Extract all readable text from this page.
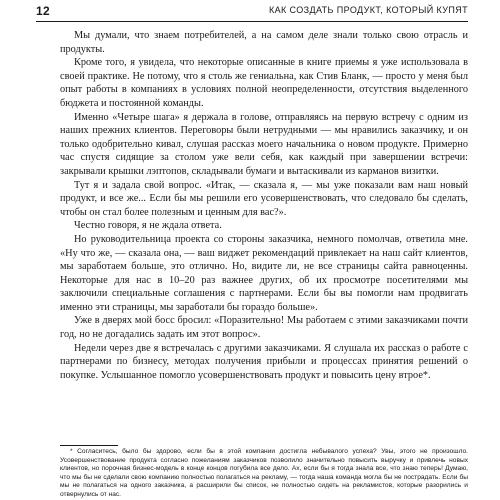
12	КАК СОЗДАТЬ ПРОДУКТ, КОТОРЫЙ КУПЯТ

Мы думали, что знаем потребителей, а на самом деле знали только свою отрасль и продукты.

Кроме того, я увидела, что некоторые описанные в книге приемы я уже использовала в своей практике. Не потому, что я столь же гениальна, как Стив Бланк, — просто у меня был опыт работы в компаниях в условиях полной неопределенности, отсутствия выделенного бюджета и постоянной команды.

Именно «Четыре шага» я держала в голове, отправляясь на первую встречу с одним из наших прежних клиентов. Переговоры были нетрудными — мы нравились заказчику, и он только одобрительно кивал, слушая рассказ моего начальника о новом продукте. Примерно час спустя сидящие за столом уже вели себя, как каждый при завершении встречи: закрывали крышки лэптопов, складывали бумаги и вытаскивали из карманов визитки.

Тут я и задала свой вопрос. «Итак, — сказала я, — мы уже показали вам наш новый продукт, и все же... Если бы мы решили его усовершенствовать, что следовало бы сделать, чтобы он стал более полезным и ценным для вас?».

Честно говоря, я не ждала ответа.

Но руководительница проекта со стороны заказчика, немного помолчав, ответила мне. «Ну что же, — сказала она, — ваш виджет рекомендаций привлекает на наш сайт клиентов, мы заработаем больше, это отлично. Но, видите ли, не все страницы сайта равноценны. Некоторые для нас в 10–20 раз важнее других, об их просмотре посетителями мы заключили специальные соглашения с партнерами. Если бы вы помогли нам продвигать именно эти страницы, мы заработали бы гораздо больше».

Уже в дверях мой босс бросил: «Поразительно! Мы работаем с этими заказчиками почти год, но не догадались задать им этот вопрос».

Недели через две я встречалась с другими заказчиками. Я слушала их рассказ о работе с партнерами по бизнесу, методах получения прибыли и процессах принятия решений о покупке. Услышанное помогло усовершенствовать продукт и повысить цену втрое*.

* Согласитесь, было бы здорово, если бы в этой компании достигла небывалого успеха? Увы, этого не произошло. Усовершенствование продукта согласно пожеланиям заказчиков позволило значительно повысить выручку и привлечь новых клиентов, но порочная бизнес-модель в конце концов погубила все дело. Ах, если бы я тогда знала все, что знаю теперь! Думаю, что мы бы не сделали свою компанию полностью полагаться на рекламу, — тогда наша команда могла бы не пострадать. Если бы мы не полагаться на одного заказчика, а расширили бы список, не полностью сидеть на рекламистов, которые разорились и отвернулись от нас.
